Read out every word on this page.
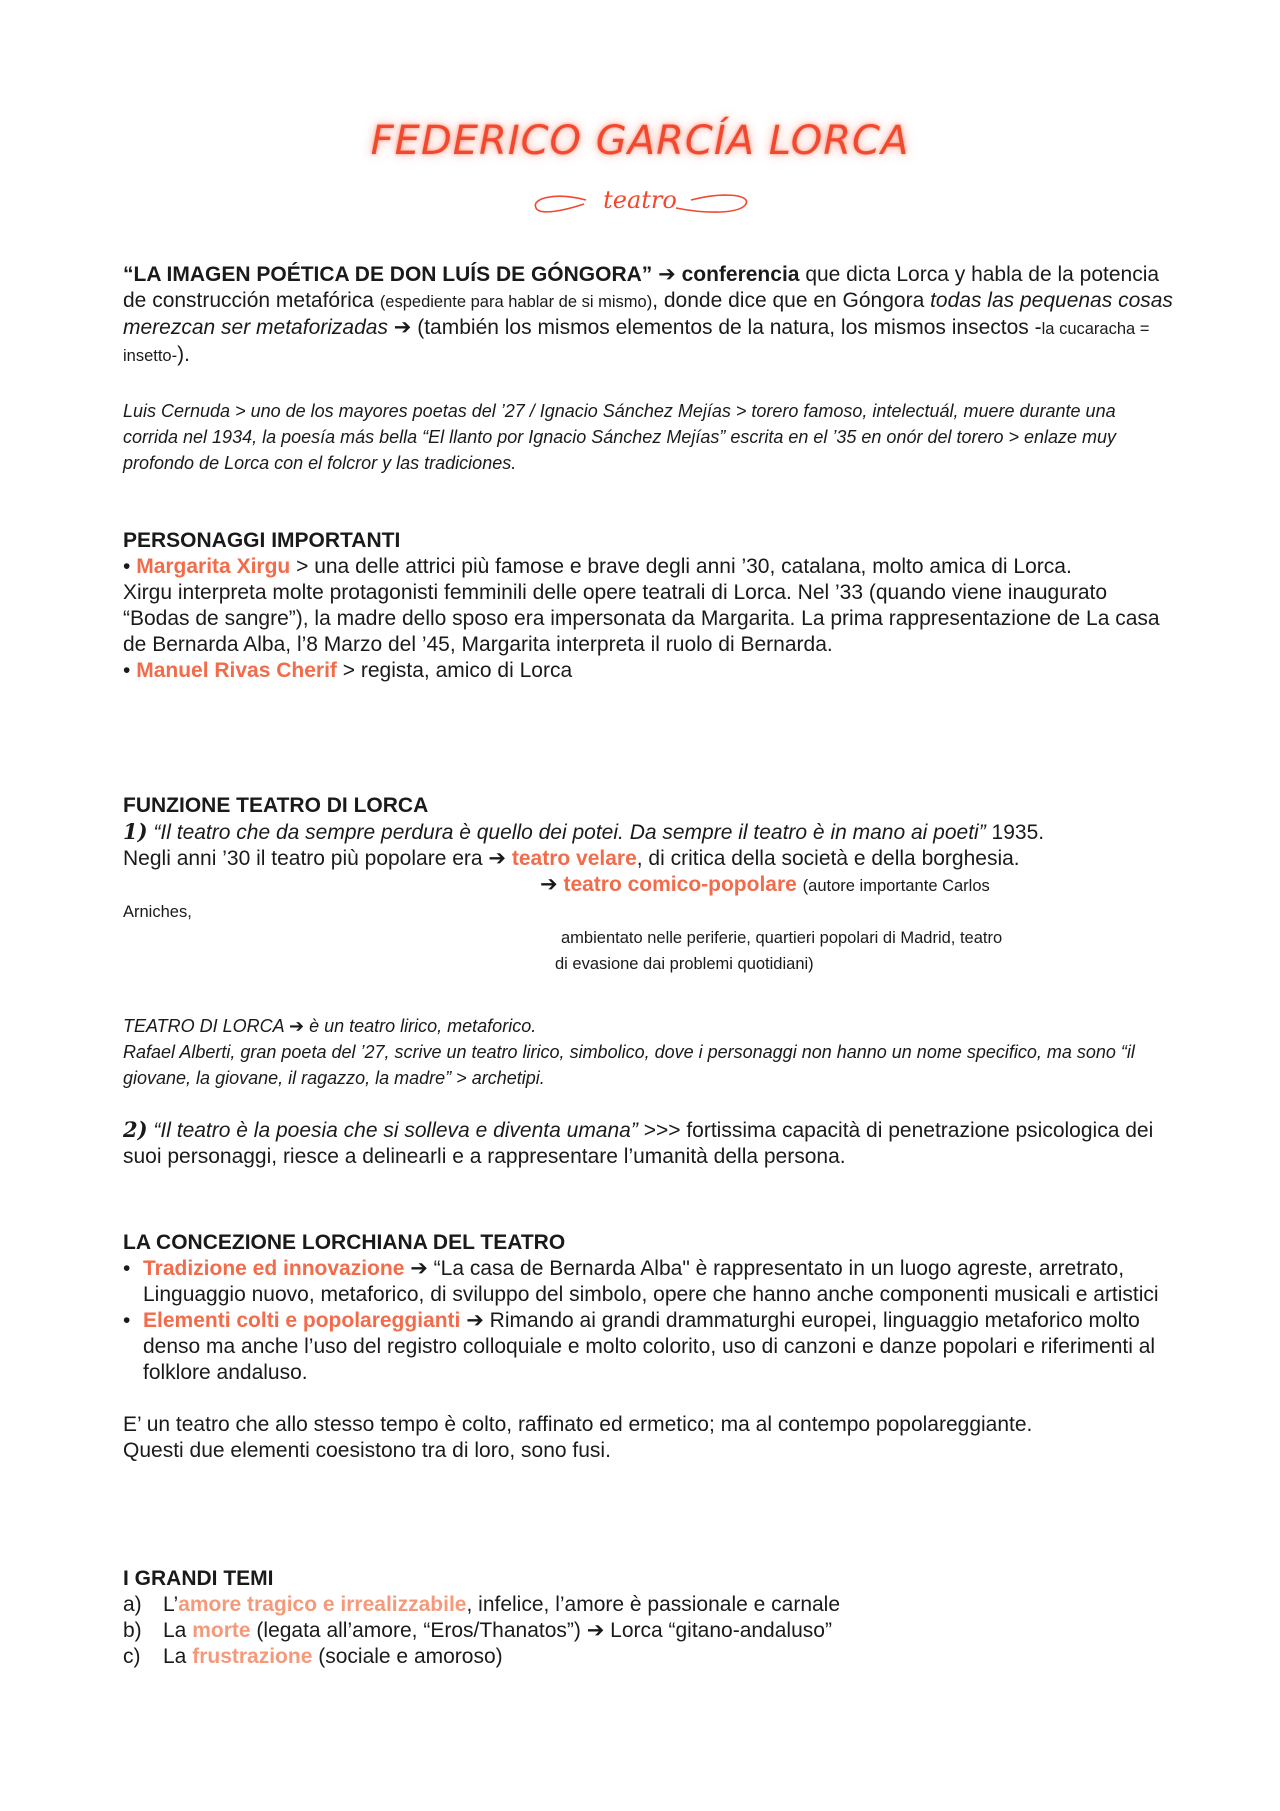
FEDERICO GARCÍA LORCA
teatro

“LA IMAGEN POÉTICA DE DON LUÍS DE GÓNGORA” ➔ conferencia que dicta Lorca y habla de la potencia de construcción metafórica (espediente para hablar de si mismo), donde dice que en Góngora todas las pequenas cosas merezcan ser metaforizadas ➔ (también los mismos elementos de la natura, los mismos insectos -la cucaracha = insetto-).

Luis Cernuda > uno de los mayores poetas del ’27 / Ignacio Sánchez Mejías > torero famoso, intelectuál, muere durante una corrida nel 1934, la poesía más bella “El llanto por Ignacio Sánchez Mejías” escrita en el ’35 en onór del torero > enlaze muy profondo de Lorca con el folcror y las tradiciones.

PERSONAGGI IMPORTANTI

• Margarita Xirgu > una delle attrici più famose e brave degli anni ’30, catalana, molto amica di Lorca.

Xirgu interpreta molte protagonisti femminili delle opere teatrali di Lorca. Nel ’33 (quando viene inaugurato “Bodas de sangre”), la madre dello sposo era impersonata da Margarita. La prima rappresentazione de La casa de Bernarda Alba, l’8 Marzo del ’45, Margarita interpreta il ruolo di Bernarda.

• Manuel Rivas Cherif > regista, amico di Lorca

FUNZIONE TEATRO DI LORCA

1) “Il teatro che da sempre perdura è quello dei potei. Da sempre il teatro è in mano ai poeti” 1935.

Negli anni ’30 il teatro più popolare era ➔ teatro velare, di critica della società e della borghesia.

➔ teatro comico-popolare (autore importante Carlos

Arniches,

ambientato nelle periferie, quartieri popolari di Madrid, teatro

di evasione dai problemi quotidiani)

TEATRO DI LORCA ➔ è un teatro lirico, metaforico.

Rafael Alberti, gran poeta del ’27, scrive un teatro lirico, simbolico, dove i personaggi non hanno un nome specifico, ma sono “il giovane, la giovane, il ragazzo, la madre” > archetipi.

2) “Il teatro è la poesia che si solleva e diventa umana” >>> fortissima capacità di penetrazione psicologica dei suoi personaggi, riesce a delinearli e a rappresentare l’umanità della persona.

LA CONCEZIONE LORCHIANA DEL TEATRO

• Tradizione ed innovazione ➔ “La casa de Bernarda Alba" è rappresentato in un luogo agreste, arretrato, Linguaggio nuovo, metaforico, di sviluppo del simbolo, opere che hanno anche componenti musicali e artistici
• Elementi colti e popolareggianti ➔ Rimando ai grandi drammaturghi europei, linguaggio metaforico molto denso ma anche l’uso del registro colloquiale e molto colorito, uso di canzoni e danze popolari e riferimenti al folklore andaluso.

E’ un teatro che allo stesso tempo è colto, raffinato ed ermetico; ma al contempo popolareggiante.

Questi due elementi coesistono tra di loro, sono fusi.

I GRANDI TEMI

a)	L’amore tragico e irrealizzabile, infelice, l’amore è passionale e carnale
b)	La morte (legata all’amore, “Eros/Thanatos”) ➔ Lorca “gitano-andaluso”
c)	La frustrazione (sociale e amoroso)
